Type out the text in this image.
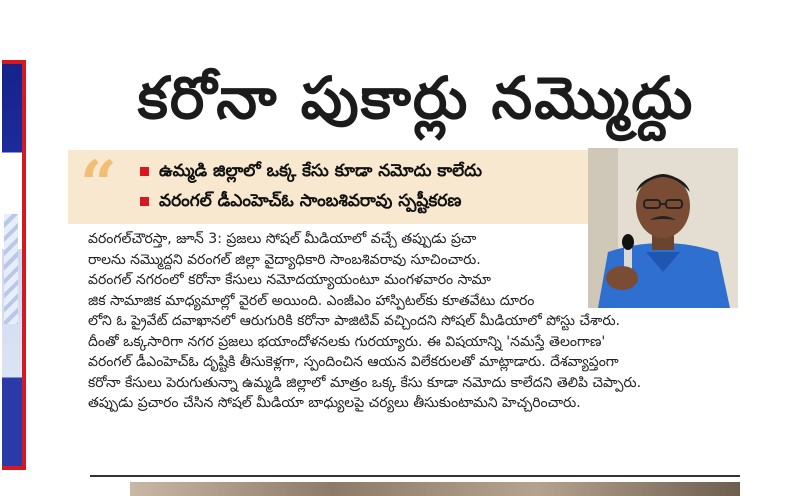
కరోనా పుకార్లు నమ్మొద్దు
“	ఉమ్మడి జిల్లాలో ఒక్క కేసు కూడా నమోదు కాలేదు
వరంగల్ డీఎంహెచ్ఓ సాంబశివరావు స్పష్టీకరణ

వరంగల్‌చౌరస్తా, జూన్ 3: ప్రజలు సోషల్ మీడియాలో వచ్చే తప్పుడు ప్రచా

రాలను నమ్మొద్దని వరంగల్ జిల్లా వైద్యాధికారి సాంబశివరావు సూచించారు.

వరంగల్ నగరంలో కరోనా కేసులు నమోదయ్యాయంటూ మంగళవారం సామా

జిక సామాజిక మాధ్యమాల్లో వైరల్ అయింది. ఎంజీఎం హాస్పిటల్‌కు కూతవేటు దూరం

లోని ఓ ప్రైవేట్ దవాఖానలో ఆరుగురికి కరోనా పాజిటివ్ వచ్చిందని సోషల్ మీడియాలో పోస్టు చేశారు.

దీంతో ఒక్కసారిగా నగర ప్రజలు భయాందోళనలకు గురయ్యారు. ఈ విషయాన్ని 'నమస్తే తెలంగాణ'

వరంగల్ డీఎంహెచ్ఓ దృష్టికి తీసుకెళ్లగా, స్పందించిన ఆయన విలేకరులతో మాట్లాడారు. దేశవ్యాప్తంగా

కరోనా కేసులు పెరుగుతున్నా ఉమ్మడి జిల్లాలో మాత్రం ఒక్క కేసు కూడా నమోదు కాలేదని తెలిపి చెప్పారు.

తప్పుడు ప్రచారం చేసిన సోషల్ మీడియా బాధ్యులపై చర్యలు తీసుకుంటామని హెచ్చరించారు.
